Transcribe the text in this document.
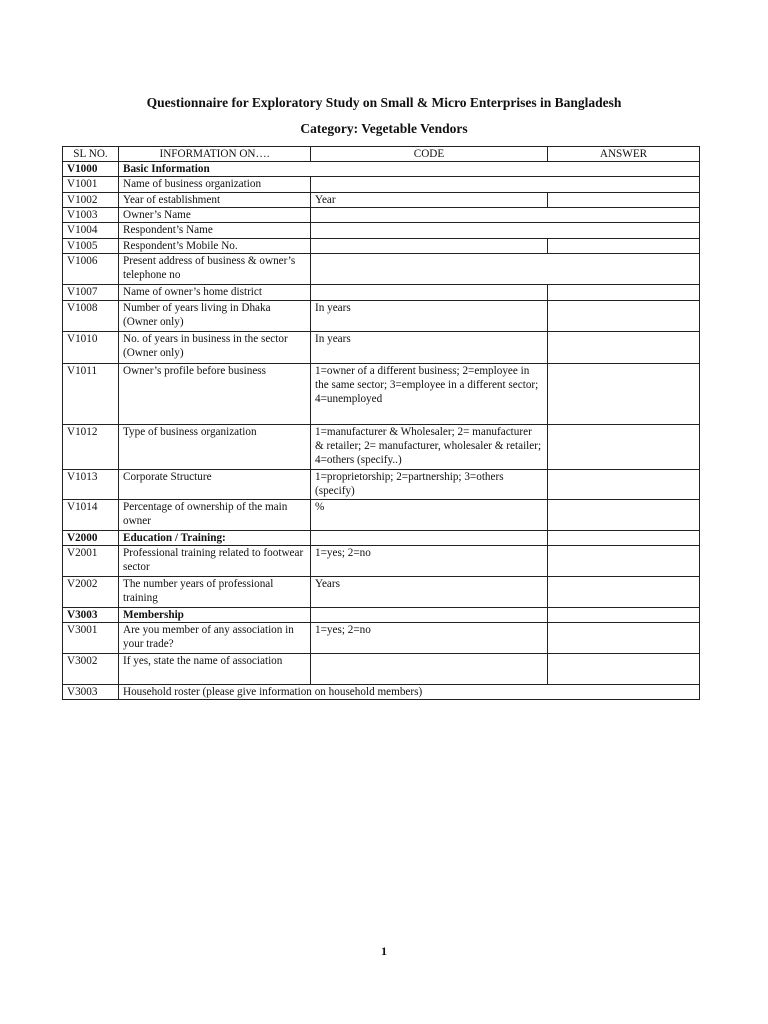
Questionnaire for Exploratory Study on Small & Micro Enterprises in Bangladesh
Category: Vegetable Vendors
SL NO.	INFORMATION ON….	CODE	ANSWER
V1000	Basic Information		
V1001	Name of business organization		
V1002	Year of establishment	Year	
V1003	Owner’s Name		
V1004	Respondent’s Name		
V1005	Respondent’s Mobile No.		
V1006	Present address of business & owner’s telephone no		
V1007	Name of owner’s home district		
V1008	Number of years living in Dhaka (Owner only)	In years	
V1010	No. of years in business in the sector (Owner only)	In years	
V1011	Owner’s profile before business	1=owner of a different business; 2=employee in the same sector; 3=employee in a different sector; 4=unemployed	
V1012	Type of business organization	1=manufacturer & Wholesaler; 2= manufacturer & retailer; 2= manufacturer, wholesaler & retailer; 4=others (specify..)	
V1013	Corporate Structure	1=proprietorship; 2=partnership; 3=others (specify)	
V1014	Percentage of ownership of the main owner	%	
V2000	Education / Training:		
V2001	Professional training related to footwear sector	1=yes; 2=no	
V2002	The number years of professional training	Years	
V3003	Membership		
V3001	Are you member of any association in your trade?	1=yes; 2=no	
V3002	If yes, state the name of association		
V3003	Household roster (please give information on household members)		
1
